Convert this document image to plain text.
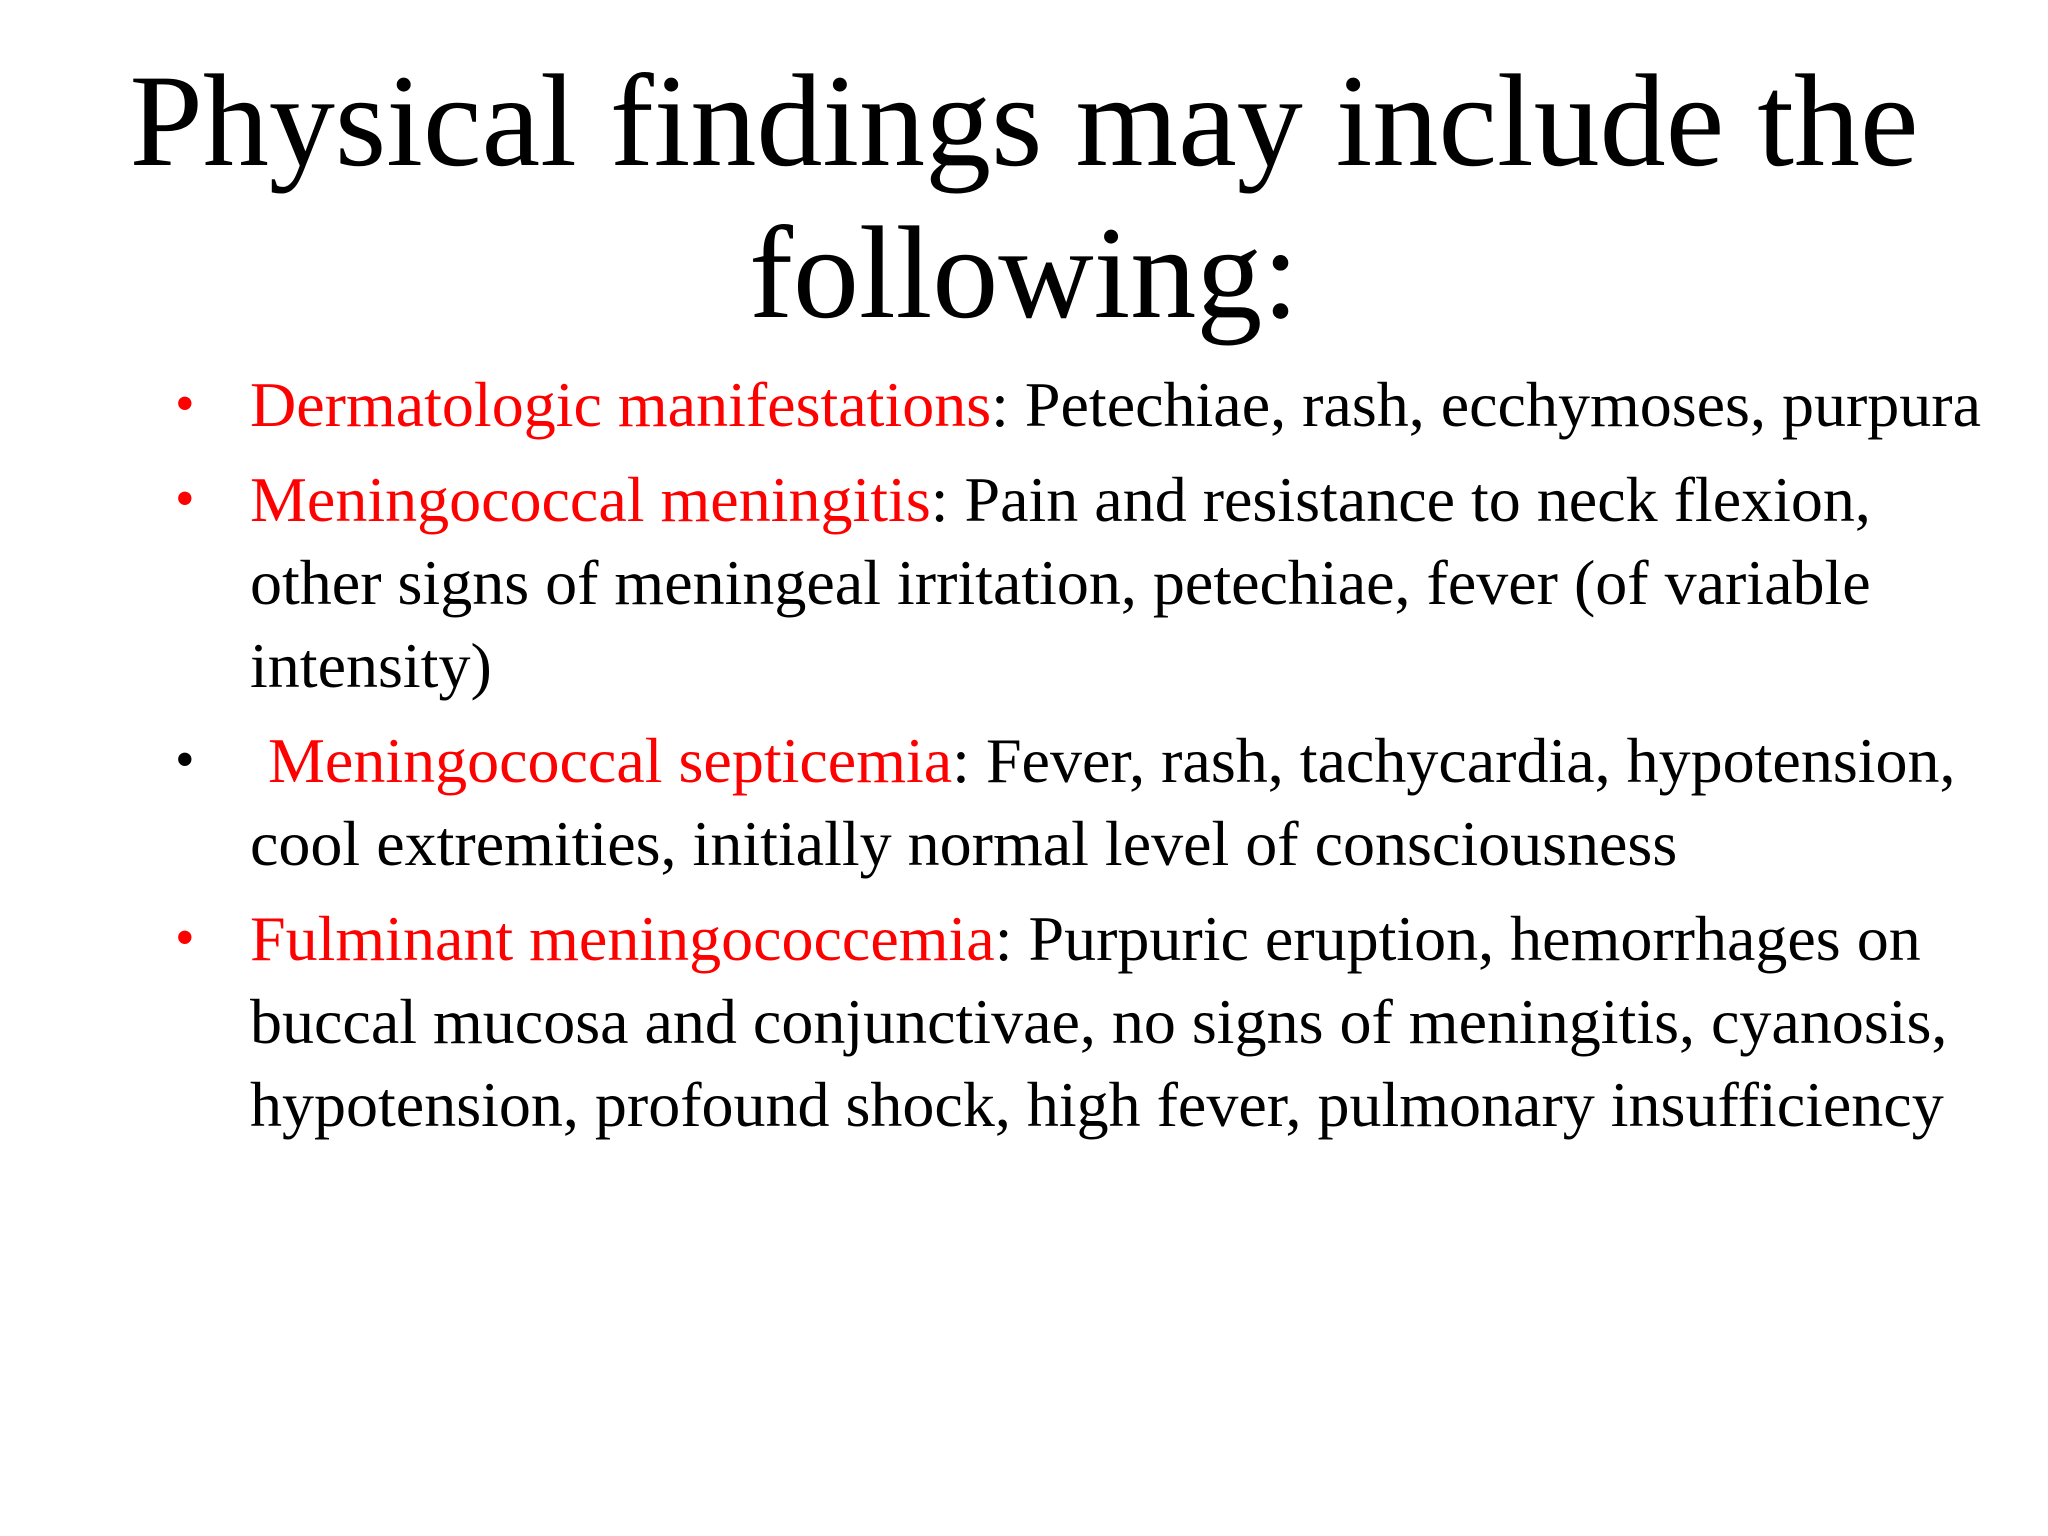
Physical findings may include the following:
• Dermatologic manifestations: Petechiae, rash, ecchymoses, purpura
• Meningococcal meningitis: Pain and resistance to neck flexion, other signs of meningeal irritation, petechiae, fever (of variable intensity)
• Meningococcal septicemia: Fever, rash, tachycardia, hypotension, cool extremities, initially normal level of consciousness
• Fulminant meningococcemia: Purpuric eruption, hemorrhages on buccal mucosa and conjunctivae, no signs of meningitis, cyanosis, hypotension, profound shock, high fever, pulmonary insufficiency
